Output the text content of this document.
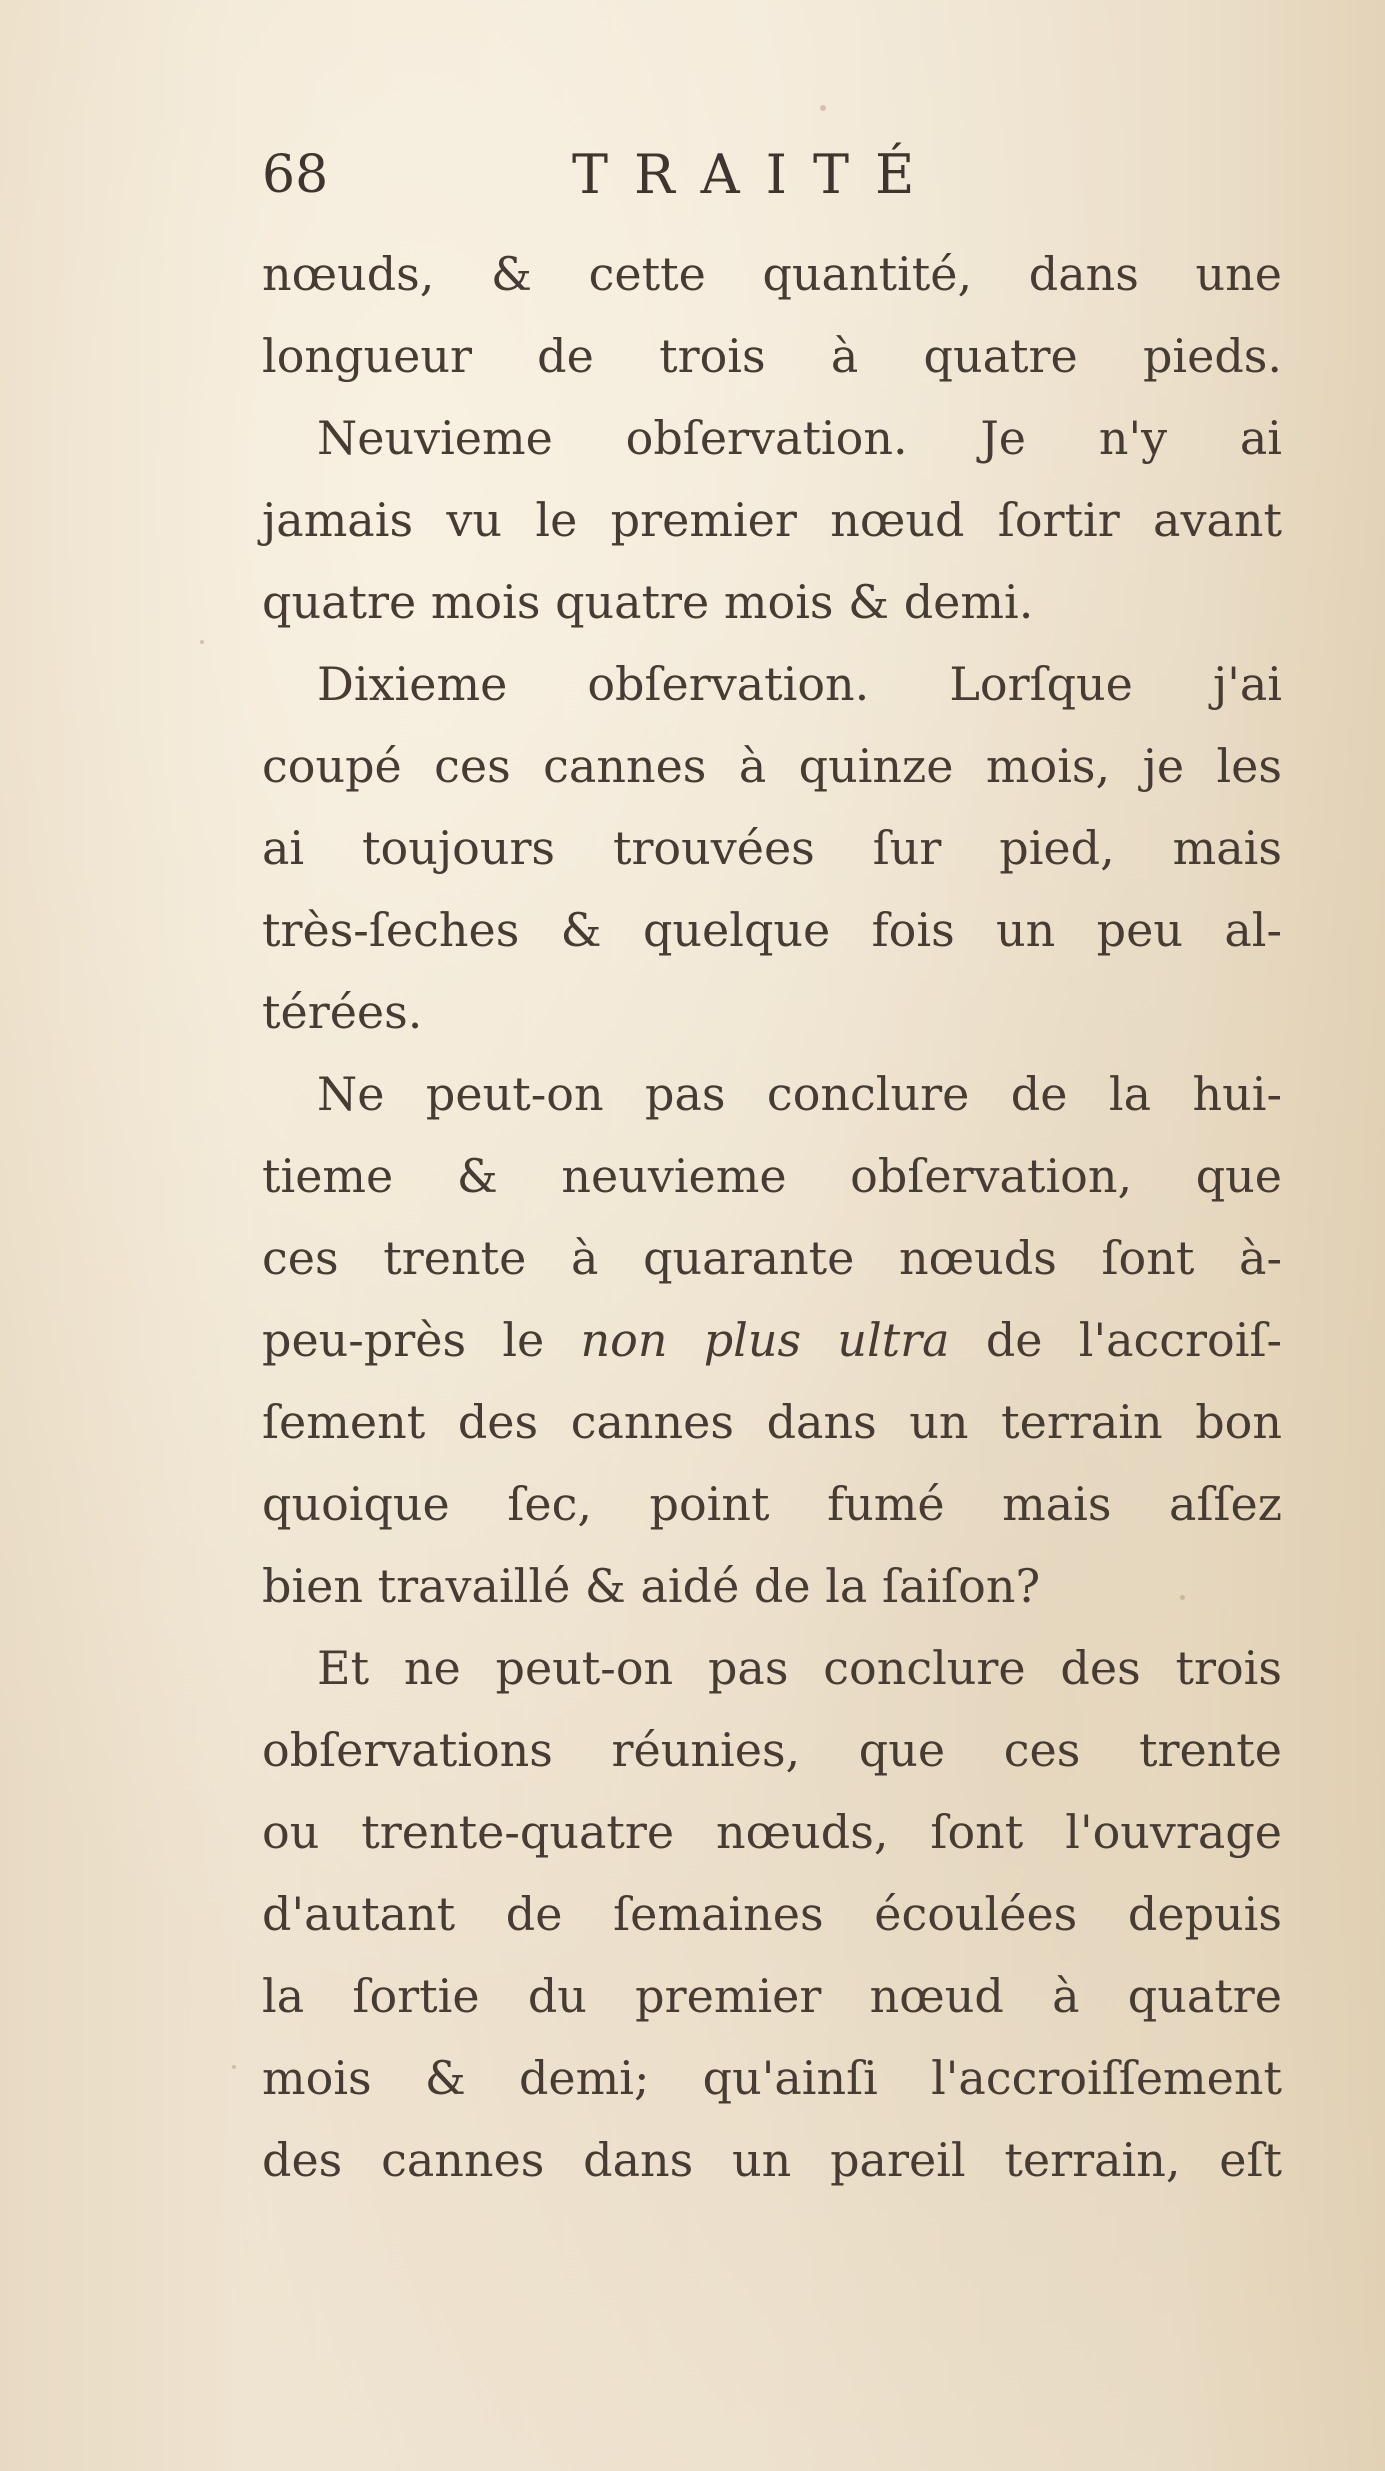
68	TRAITÉ
nœuds, & cette quantité, dans une
longueur de trois à quatre pieds.
Neuvieme obſervation. Je n'y ai
jamais vu le premier nœud ſortir avant
quatre mois quatre mois & demi.
Dixieme obſervation. Lorſque j'ai
coupé ces cannes à quinze mois, je les
ai toujours trouvées ſur pied, mais
très-ſeches & quelque fois un peu al-
térées.
Ne peut-on pas conclure de la hui-
tieme & neuvieme obſervation, que
ces trente à quarante nœuds ſont à-
peu-près le non plus ultra de l'accroiſ-
ſement des cannes dans un terrain bon
quoique ſec, point fumé mais aſſez
bien travaillé & aidé de la ſaiſon?
Et ne peut-on pas conclure des trois
obſervations réunies, que ces trente
ou trente-quatre nœuds, ſont l'ouvrage
d'autant de ſemaines écoulées depuis
la ſortie du premier nœud à quatre
mois & demi; qu'ainſi l'accroiſſement
des cannes dans un pareil terrain, eſt
